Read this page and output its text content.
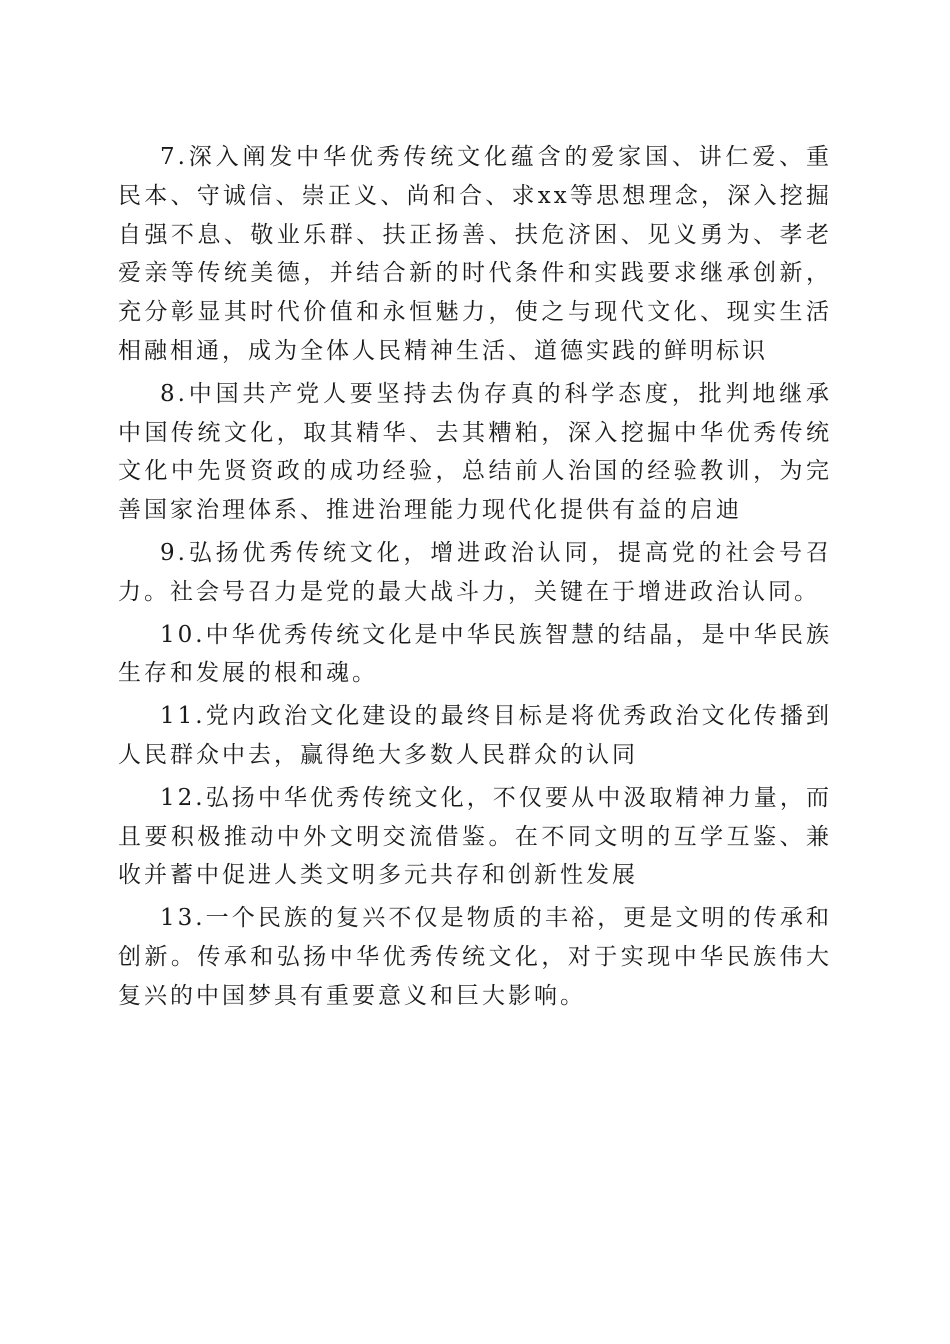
7.深入阐发中华优秀传统文化蕴含的爱家国、讲仁爱、重民本、守诚信、崇正义、尚和合、求xx等思想理念，深入挖掘自强不息、敬业乐群、扶正扬善、扶危济困、见义勇为、孝老爱亲等传统美德，并结合新的时代条件和实践要求继承创新，充分彰显其时代价值和永恒魅力，使之与现代文化、现实生活相融相通，成为全体人民精神生活、道德实践的鲜明标识

8.中国共产党人要坚持去伪存真的科学态度，批判地继承中国传统文化，取其精华、去其糟粕，深入挖掘中华优秀传统文化中先贤资政的成功经验，总结前人治国的经验教训，为完善国家治理体系、推进治理能力现代化提供有益的启迪

9.弘扬优秀传统文化，增进政治认同，提高党的社会号召力。社会号召力是党的最大战斗力，关键在于增进政治认同。

10.中华优秀传统文化是中华民族智慧的结晶，是中华民族生存和发展的根和魂。

11.党内政治文化建设的最终目标是将优秀政治文化传播到人民群众中去，赢得绝大多数人民群众的认同

12.弘扬中华优秀传统文化，不仅要从中汲取精神力量，而且要积极推动中外文明交流借鉴。在不同文明的互学互鉴、兼收并蓄中促进人类文明多元共存和创新性发展

13.一个民族的复兴不仅是物质的丰裕，更是文明的传承和创新。传承和弘扬中华优秀传统文化，对于实现中华民族伟大复兴的中国梦具有重要意义和巨大影响。
